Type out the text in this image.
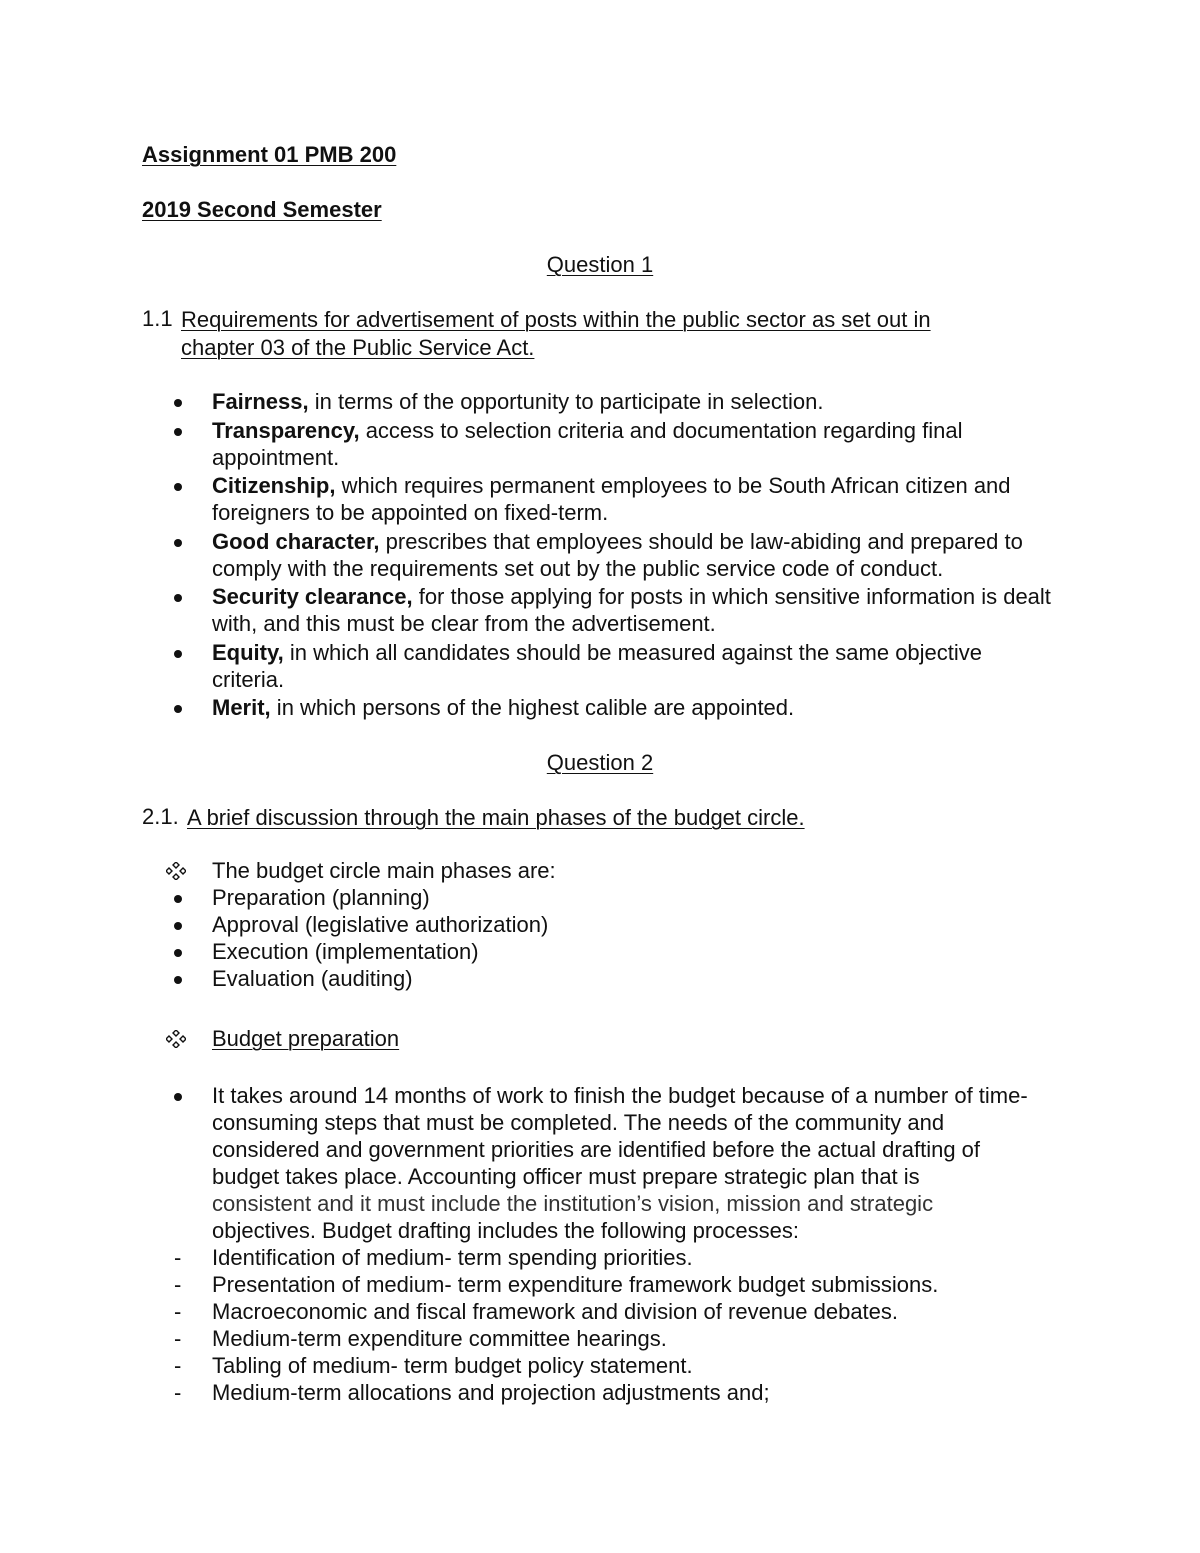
Assignment 01 PMB 200
2019 Second Semester
Question 1
1.1 Requirements for advertisement of posts within the public sector as set out in
chapter 03 of the Public Service Act.
Fairness, in terms of the opportunity to participate in selection.
Transparency, access to selection criteria and documentation regarding final appointment.
Citizenship, which requires permanent employees to be South African citizen and foreigners to be appointed on fixed-term.
Good character, prescribes that employees should be law-abiding and prepared to comply with the requirements set out by the public service code of conduct.
Security clearance, for those applying for posts in which sensitive information is dealt with, and this must be clear from the advertisement.
Equity, in which all candidates should be measured against the same objective criteria.
Merit, in which persons of the highest calible are appointed.
Question 2
2.1. A brief discussion through the main phases of the budget circle.
The budget circle main phases are:
Preparation (planning)
Approval (legislative authorization)
Execution (implementation)
Evaluation (auditing)
Budget preparation
It takes around 14 months of work to finish the budget because of a number of time-consuming steps that must be completed. The needs of the community and considered and government priorities are identified before the actual drafting of budget takes place. Accounting officer must prepare strategic plan that is
consistent and it must include the institution’s vision, mission and strategic
objectives. Budget drafting includes the following processes:
- Identification of medium- term spending priorities.
- Presentation of medium- term expenditure framework budget submissions.
- Macroeconomic and fiscal framework and division of revenue debates.
- Medium-term expenditure committee hearings.
- Tabling of medium- term budget policy statement.
- Medium-term allocations and projection adjustments and;
